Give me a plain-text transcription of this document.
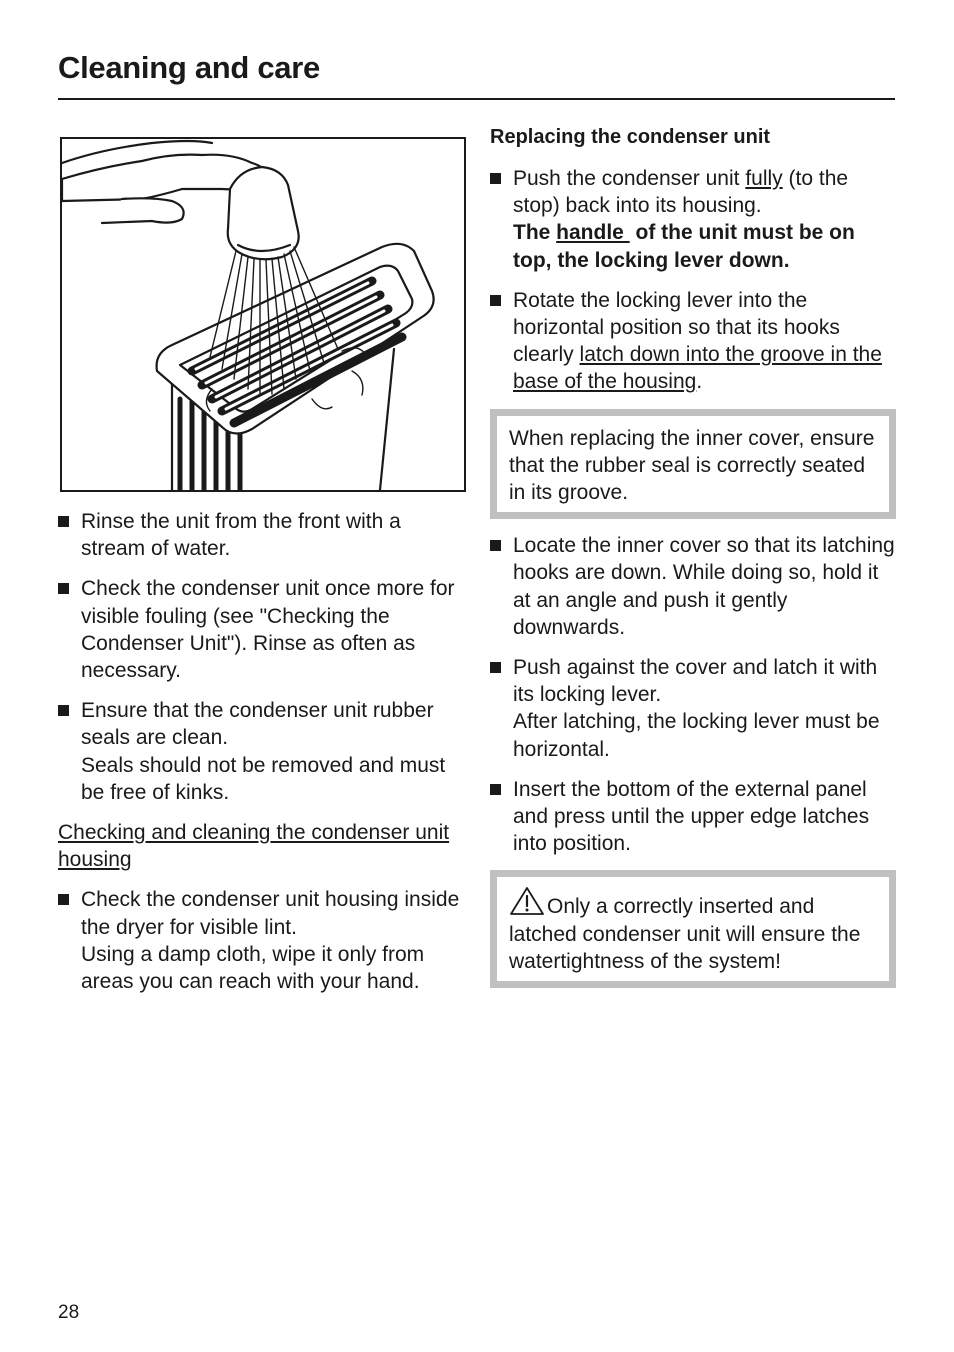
Cleaning and care

Rinse the unit from the front with a stream of water.

Check the condenser unit once more for visible fouling (see "Checking the Condenser Unit"). Rinse as often as necessary.

Ensure that the condenser unit rubber seals are clean.

Seals should not be removed and must be free of kinks.

Checking and cleaning the condenser unit housing

Check the condenser unit housing inside the dryer for visible lint.

Using a damp cloth, wipe it only from areas you can reach with your hand.

Replacing the condenser unit

Push the condenser unit fully (to the stop) back into its housing.

The handle  of the unit must be on top, the locking lever down.

Rotate the locking lever into the horizontal position so that its hooks clearly latch down into the groove in the base of the housing.

When replacing the inner cover, ensure that the rubber seal is correctly seated in its groove.

Locate the inner cover so that its latching hooks are down. While doing so, hold it at an angle and push it gently downwards.

Push against the cover and latch it with its locking lever.

After latching, the locking lever must be horizontal.

Insert the bottom of the external panel and press until the upper edge latches into position.

Only a correctly inserted and latched condenser unit will ensure the watertightness of the system!
28
